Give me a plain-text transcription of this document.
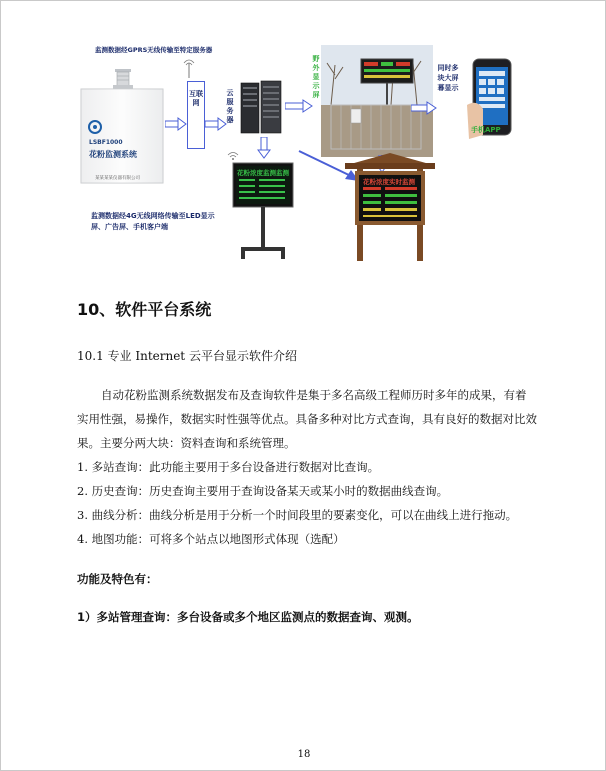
监测数据经GPRS无线传输至特定服务器
LSBF1000
花粉监测系统
某某某某仪器有限公司
互联网
云服务器
野外显示屏
同时多块大屏幕显示
手机APP
花粉浓度监测监测
花粉浓度实时监测
监测数据经4G无线网络传输至LED显示屏、广告屏、手机客户端
10、软件平台系统
10.1 专业 Internet 云平台显示软件介绍

自动花粉监测系统数据发布及查询软件是集于多名高级工程师历时多年的成果，有着实用性强，易操作，数据实时性强等优点。具备多种对比方式查询，具有良好的数据对比效果。主要分两大块：资料查询和系统管理。

1. 多站查询：此功能主要用于多台设备进行数据对比查询。

2. 历史查询：历史查询主要用于查询设备某天或某小时的数据曲线查询。

3. 曲线分析：曲线分析是用于分析一个时间段里的要素变化，可以在曲线上进行拖动。

4. 地图功能：可将多个站点以地图形式体现（选配）

功能及特色有：

1）多站管理查询：多台设备或多个地区监测点的数据查询、观测。

18
